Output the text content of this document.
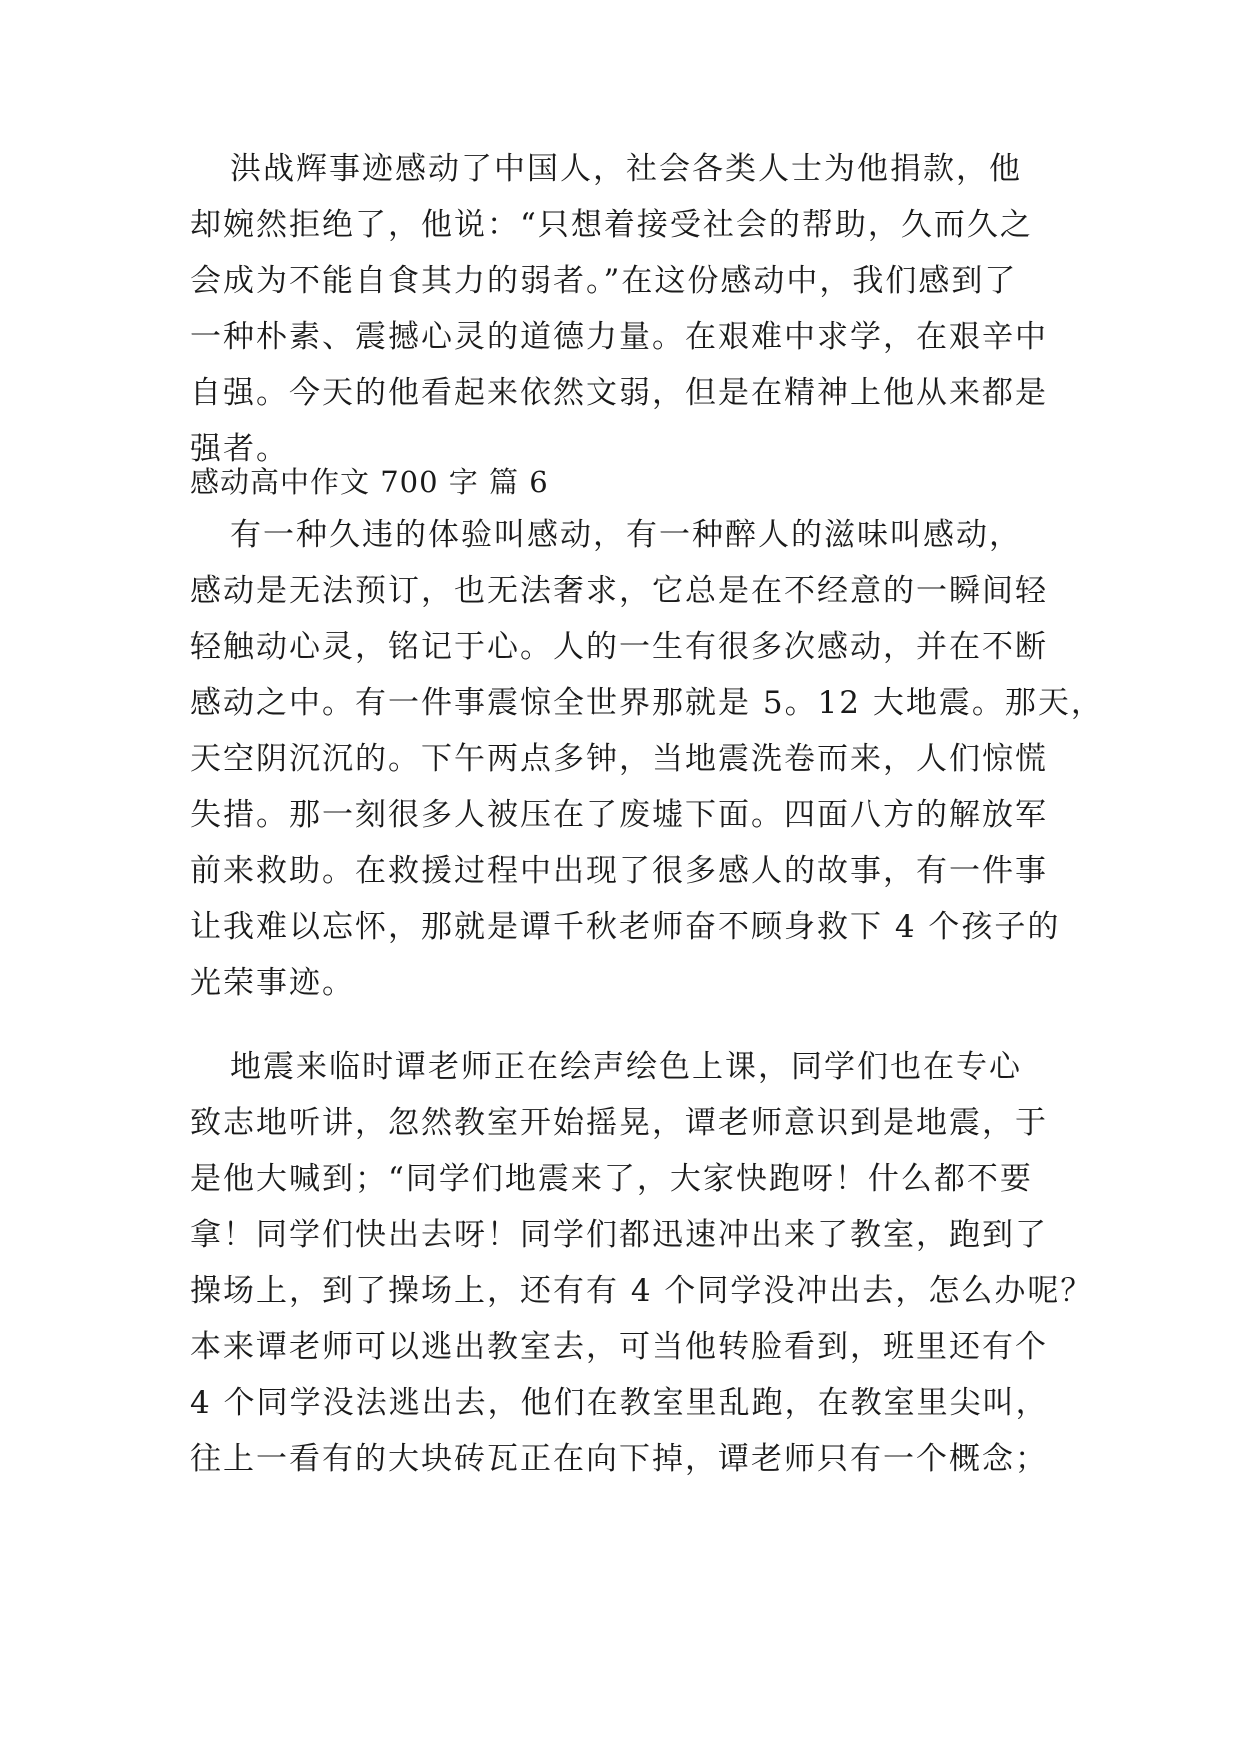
洪战辉事迹感动了中国人，社会各类人士为他捐款，他
却婉然拒绝了，他说：“只想着接受社会的帮助，久而久之
会成为不能自食其力的弱者。”在这份感动中，我们感到了
一种朴素、震撼心灵的道德力量。在艰难中求学，在艰辛中
自强。今天的他看起来依然文弱，但是在精神上他从来都是
强者。
感动高中作文 700 字 篇 6
有一种久违的体验叫感动，有一种醉人的滋味叫感动，
感动是无法预订，也无法奢求，它总是在不经意的一瞬间轻
轻触动心灵，铭记于心。人的一生有很多次感动，并在不断
感动之中。有一件事震惊全世界那就是 5。12 大地震。那天，
天空阴沉沉的。下午两点多钟，当地震洗卷而来，人们惊慌
失措。那一刻很多人被压在了废墟下面。四面八方的解放军
前来救助。在救援过程中出现了很多感人的故事，有一件事
让我难以忘怀，那就是谭千秋老师奋不顾身救下 4 个孩子的
光荣事迹。
地震来临时谭老师正在绘声绘色上课，同学们也在专心
致志地听讲，忽然教室开始摇晃，谭老师意识到是地震，于
是他大喊到；“同学们地震来了，大家快跑呀！什么都不要
拿！同学们快出去呀！同学们都迅速冲出来了教室，跑到了
操场上，到了操场上，还有有 4 个同学没冲出去，怎么办呢？
本来谭老师可以逃出教室去，可当他转脸看到，班里还有个
4 个同学没法逃出去，他们在教室里乱跑，在教室里尖叫，
往上一看有的大块砖瓦正在向下掉，谭老师只有一个概念；
